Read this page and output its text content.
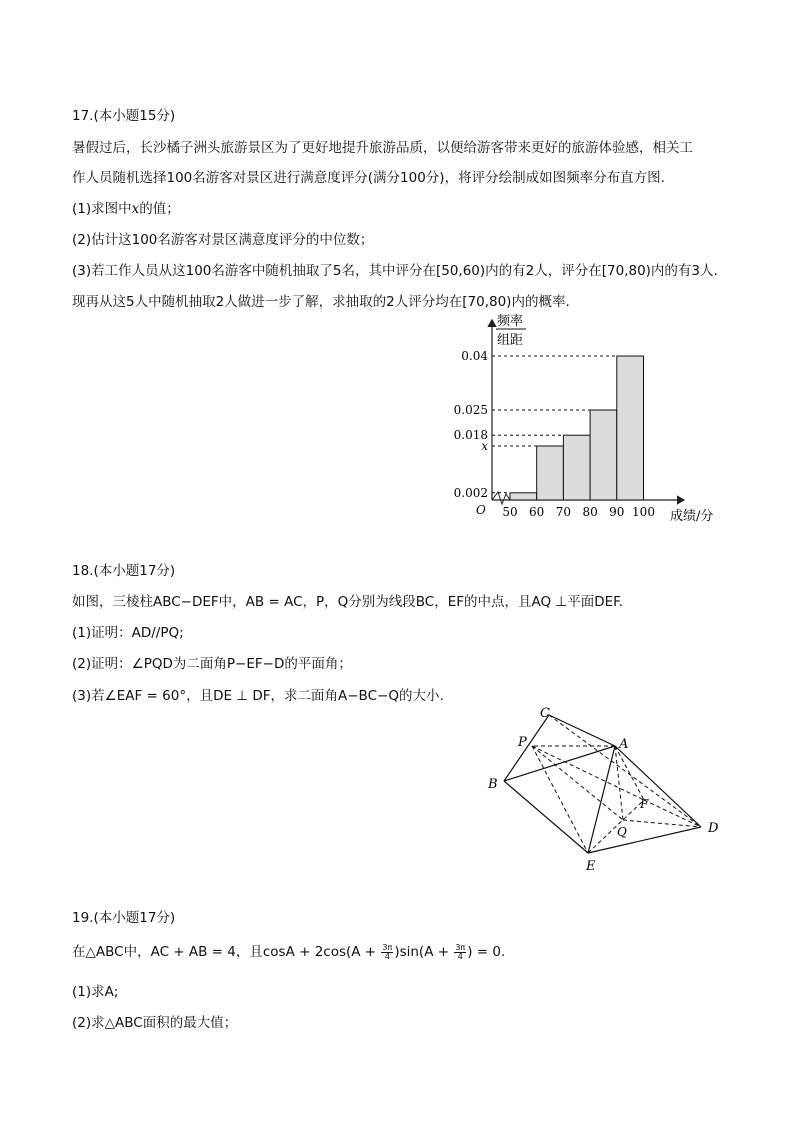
17.(本小题15分)
暑假过后，长沙橘子洲头旅游景区为了更好地提升旅游品质，以便给游客带来更好的旅游体验感，相关工
作人员随机选择100名游客对景区进行满意度评分(满分100分)，将评分绘制成如图频率分布直方图.
(1)求图中x的值；
(2)估计这100名游客对景区满意度评分的中位数；
(3)若工作人员从这100名游客中随机抽取了5名，其中评分在[50,60)内的有2人，评分在[70,80)内的有3人.
现再从这5人中随机抽取2人做进一步了解，求抽取的2人评分均在[70,80)内的概率.
频率
组距
O
0.002
x
0.018
0.025
0.04
50 60 70 80 90 100 成绩/分
18.(本小题17分)
如图，三棱柱ABC−DEF中，AB = AC，P，Q分别为线段BC，EF的中点，且AQ ⊥平面DEF.
(1)证明：AD//PQ;
(2)证明：∠PQD为二面角P−EF−D的平面角；
(3)若∠EAF = 60°，且DE ⊥ DF，求二面角A−BC−Q的大小.
C
A
P
B
F
Q	D
E
19.(本小题17分)
在△ABC中，AC + AB = 4，且$\cos A + 2\cos(A + \frac{3\pi}{4} )\sin(A + \frac{3\pi}{4}$ ) = 0.
(1)求A;
(2)求△ABC面积的最大值；
